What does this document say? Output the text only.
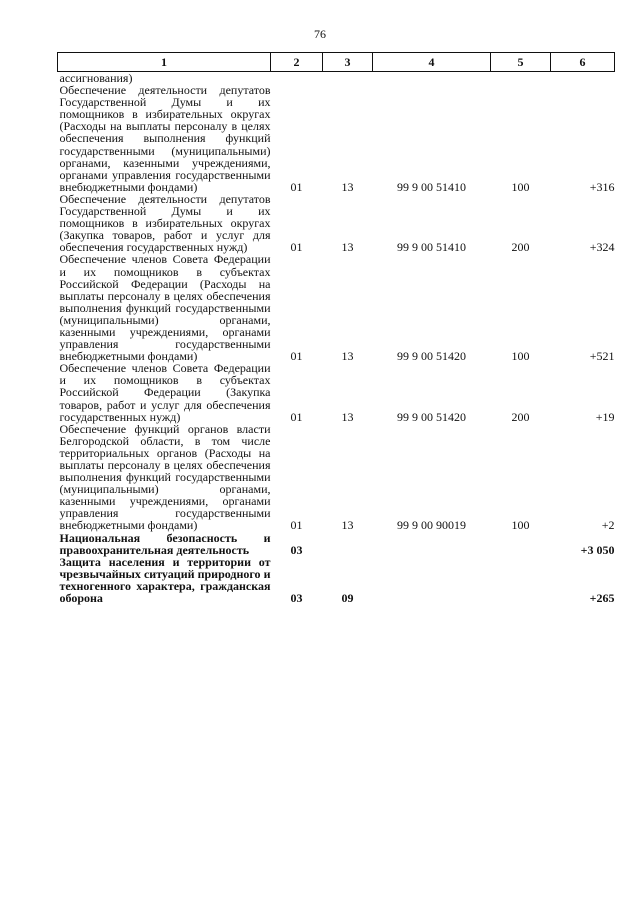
76
1	2	3	4	5	6
ассигнования)					
Обеспечение деятельности депутатов Государственной Думы и их помощников в избирательных округах (Расходы на выплаты персоналу в целях обеспечения выполнения функций государственными (муниципальными) органами, казенными учреждениями, органами управления государственными внебюджетными фондами)	01	13	99 9 00 51410	100	+316
Обеспечение деятельности депутатов Государственной Думы и их помощников в избирательных округах (Закупка товаров, работ и услуг для обеспечения государственных нужд)	01	13	99 9 00 51410	200	+324
Обеспечение членов Совета Федерации и их помощников в субъектах Российской Федерации (Расходы на выплаты персоналу в целях обеспечения выполнения функций государственными (муниципальными) органами, казенными учреждениями, органами управления государственными внебюджетными фондами)	01	13	99 9 00 51420	100	+521
Обеспечение членов Совета Федерации и их помощников в субъектах Российской Федерации (Закупка товаров, работ и услуг для обеспечения государственных нужд)	01	13	99 9 00 51420	200	+19
Обеспечение функций органов власти Белгородской области, в том числе территориальных органов (Расходы на выплаты персоналу в целях обеспечения выполнения функций государственными (муниципальными) органами, казенными учреждениями, органами управления государственными внебюджетными фондами)	01	13	99 9 00 90019	100	+2
Национальная безопасность и правоохранительная деятельность	03				+3 050
Защита населения и территории от чрезвычайных ситуаций природного и техногенного характера, гражданская оборона	03	09			+265
